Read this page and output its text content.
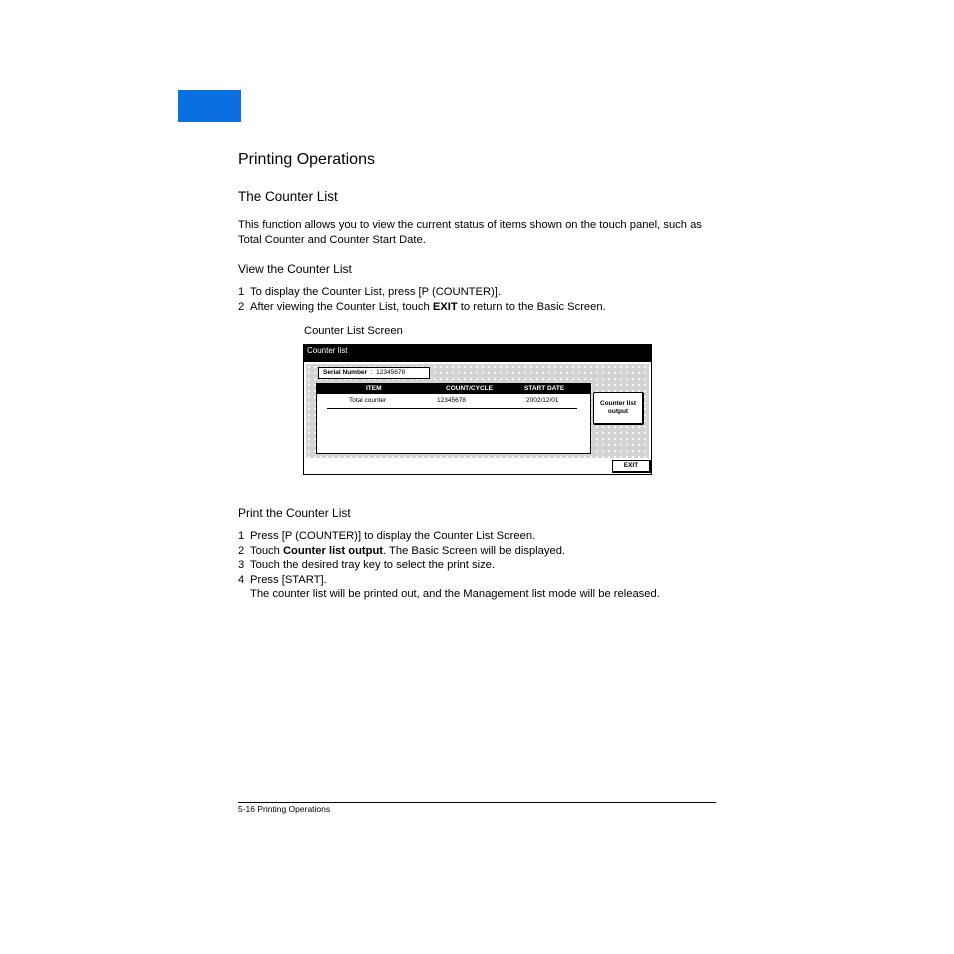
Printing Operations
The Counter List
This function allows you to view the current status of items shown on the touch panel, such as Total Counter and Counter Start Date.
View the Counter List
1 To display the Counter List, press [P (COUNTER)].
2 After viewing the Counter List, touch EXIT to return to the Basic Screen.
Counter List Screen
Counter list
Serial Number : 12345678
ITEM	COUNT/CYCLE	START DATE
Total counter	12345678	2002/12/01	Counter list output
EXIT
Print the Counter List
1 Press [P (COUNTER)] to display the Counter List Screen.
2 Touch Counter list output. The Basic Screen will be displayed.
3 Touch the desired tray key to select the print size.
4 Press [START].
The counter list will be printed out, and the Management list mode will be released.
5-16 Printing Operations
